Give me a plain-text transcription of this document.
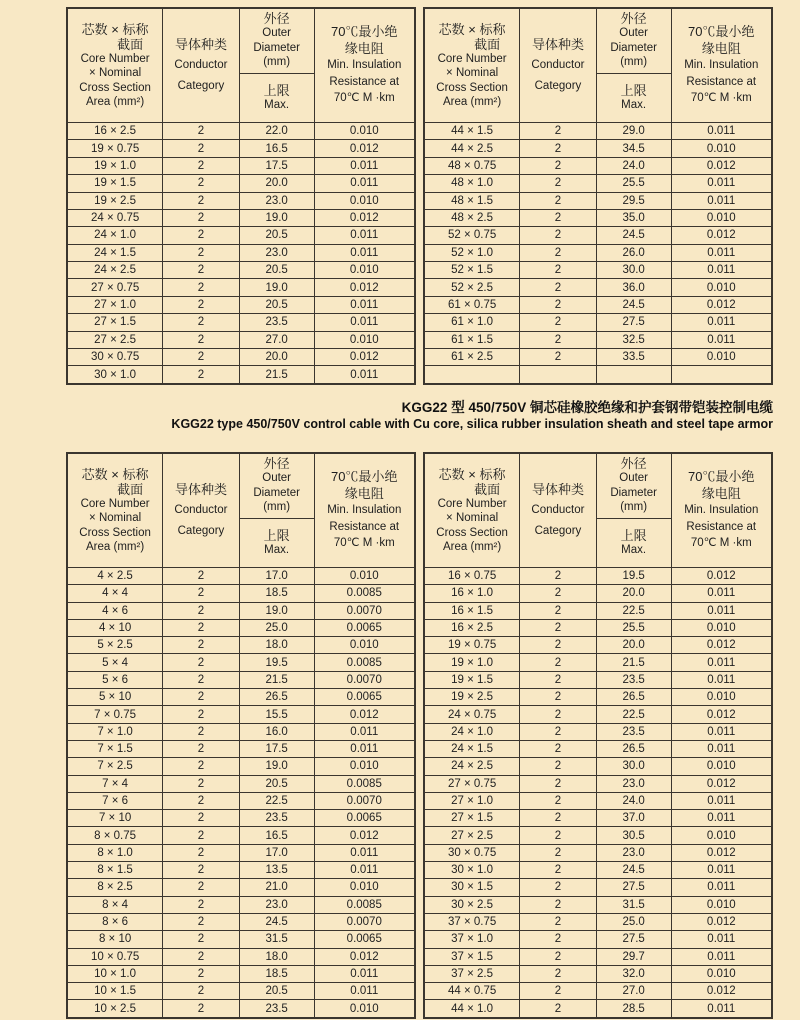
芯数 × 标称
截面
Core Number
× Nominal
Cross Section
Area (mm²)

导体种类
Conductor
Category

外径
Outer
Diameter
(mm)

70℃最小绝
缘电阻
Min. Insulation
Resistance at
70℃ M ·km

		上限
Max.	

16 × 2.5	2	22.0	0.010
19 × 0.75	2	16.5	0.012
19 × 1.0	2	17.5	0.011
19 × 1.5	2	20.0	0.011
19 × 2.5	2	23.0	0.010
24 × 0.75	2	19.0	0.012
24 × 1.0	2	20.5	0.011
24 × 1.5	2	23.0	0.011
24 × 2.5	2	20.5	0.010
27 × 0.75	2	19.0	0.012
27 × 1.0	2	20.5	0.011
27 × 1.5	2	23.5	0.011
27 × 2.5	2	27.0	0.010
30 × 0.75	2	20.0	0.012
30 × 1.0	2	21.5	0.011
芯数 × 标称
截面
Core Number
× Nominal
Cross Section
Area (mm²)

导体种类
Conductor
Category

外径
Outer
Diameter
(mm)

70℃最小绝
缘电阻
Min. Insulation
Resistance at
70℃ M ·km

		上限
Max.	

44 × 1.5	2	29.0	0.011
44 × 2.5	2	34.5	0.010
48 × 0.75	2	24.0	0.012
48 × 1.0	2	25.5	0.011
48 × 1.5	2	29.5	0.011
48 × 2.5	2	35.0	0.010
52 × 0.75	2	24.5	0.012
52 × 1.0	2	26.0	0.011
52 × 1.5	2	30.0	0.011
52 × 2.5	2	36.0	0.010
61 × 0.75	2	24.5	0.012
61 × 1.0	2	27.5	0.011
61 × 1.5	2	32.5	0.011
61 × 2.5	2	33.5	0.010

KGG22 型 450/750V 铜芯硅橡胶绝缘和护套钢带铠装控制电缆
KGG22 type 450/750V control cable with Cu core, silica rubber insulation sheath and steel tape armor
芯数 × 标称
截面
Core Number
× Nominal
Cross Section
Area (mm²)

导体种类
Conductor
Category

外径
Outer
Diameter
(mm)

70℃最小绝
缘电阻
Min. Insulation
Resistance at
70℃ M ·km

		上限
Max.	

4 × 2.5	2	17.0	0.010
4 × 4	2	18.5	0.0085
4 × 6	2	19.0	0.0070
4 × 10	2	25.0	0.0065
5 × 2.5	2	18.0	0.010
5 × 4	2	19.5	0.0085
5 × 6	2	21.5	0.0070
5 × 10	2	26.5	0.0065
7 × 0.75	2	15.5	0.012
7 × 1.0	2	16.0	0.011
7 × 1.5	2	17.5	0.011
7 × 2.5	2	19.0	0.010
7 × 4	2	20.5	0.0085
7 × 6	2	22.5	0.0070
7 × 10	2	23.5	0.0065
8 × 0.75	2	16.5	0.012
8 × 1.0	2	17.0	0.011
8 × 1.5	2	13.5	0.011
8 × 2.5	2	21.0	0.010
8 × 4	2	23.0	0.0085
8 × 6	2	24.5	0.0070
8 × 10	2	31.5	0.0065
10 × 0.75	2	18.0	0.012
10 × 1.0	2	18.5	0.011
10 × 1.5	2	20.5	0.011
10 × 2.5	2	23.5	0.010
芯数 × 标称
截面
Core Number
× Nominal
Cross Section
Area (mm²)

导体种类
Conductor
Category

外径
Outer
Diameter
(mm)

70℃最小绝
缘电阻
Min. Insulation
Resistance at
70℃ M ·km

		上限
Max.	

16 × 0.75	2	19.5	0.012
16 × 1.0	2	20.0	0.011
16 × 1.5	2	22.5	0.011
16 × 2.5	2	25.5	0.010
19 × 0.75	2	20.0	0.012
19 × 1.0	2	21.5	0.011
19 × 1.5	2	23.5	0.011
19 × 2.5	2	26.5	0.010
24 × 0.75	2	22.5	0.012
24 × 1.0	2	23.5	0.011
24 × 1.5	2	26.5	0.011
24 × 2.5	2	30.0	0.010
27 × 0.75	2	23.0	0.012
27 × 1.0	2	24.0	0.011
27 × 1.5	2	37.0	0.011
27 × 2.5	2	30.5	0.010
30 × 0.75	2	23.0	0.012
30 × 1.0	2	24.5	0.011
30 × 1.5	2	27.5	0.011
30 × 2.5	2	31.5	0.010
37 × 0.75	2	25.0	0.012
37 × 1.0	2	27.5	0.011
37 × 1.5	2	29.7	0.011
37 × 2.5	2	32.0	0.010
44 × 0.75	2	27.0	0.012
44 × 1.0	2	28.5	0.011
